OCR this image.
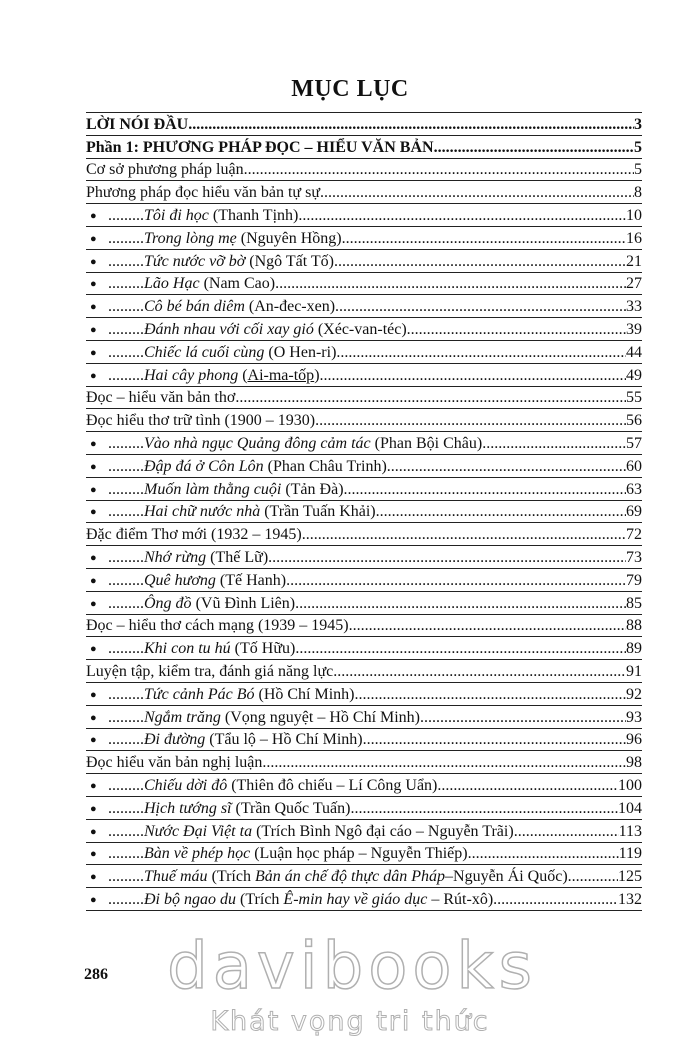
MỤC LỤC
LỜI NÓI ĐẦU .....	3
Phần 1: PHƯƠNG PHÁP ĐỌC – HIỂU VĂN BẢN .....	5
Cơ sở phương pháp luận .....	5
Phương pháp đọc hiểu văn bản tự sự .....	8
● .........Tôi đi học (Thanh Tịnh) .....	10
● .........Trong lòng mẹ (Nguyên Hồng) .....	16
● .........Tức nước vỡ bờ (Ngô Tất Tố) .....	21
● .........Lão Hạc (Nam Cao) .....	27
● .........Cô bé bán diêm (An-đec-xen) .....	33
● .........Đánh nhau với cối xay gió (Xéc-van-téc) .....	39
● .........Chiếc lá cuối cùng (O Hen-ri) .....	44
● .........Hai cây phong (Ai-ma-tốp) .....	49
Đọc – hiểu văn bản thơ .....	55
Đọc hiểu thơ trữ tình (1900 – 1930) .....	56
● .........Vào nhà ngục Quảng đông cảm tác (Phan Bội Châu) .....	57
● .........Đập đá ở Côn Lôn (Phan Châu Trinh) .....	60
● .........Muốn làm thằng cuội (Tản Đà) .....	63
● .........Hai chữ nước nhà (Trần Tuấn Khải) .....	69
Đặc điểm Thơ mới (1932 – 1945) .....	72
● .........Nhớ rừng (Thế Lữ) .....	73
● .........Quê hương (Tế Hanh) .....	79
● .........Ông đồ (Vũ Đình Liên) .....	85
Đọc – hiểu thơ cách mạng (1939 – 1945) .....	88
● .........Khi con tu hú (Tố Hữu) .....	89
Luyện tập, kiểm tra, đánh giá năng lực .....	91
● .........Tức cảnh Pác Bó (Hồ Chí Minh) .....	92
● .........Ngắm trăng (Vọng nguyệt – Hồ Chí Minh) .....	93
● .........Đi đường (Tẩu lộ – Hồ Chí Minh) .....	96
Đọc hiểu văn bản nghị luận .....	98
● .........Chiếu dời đô (Thiên đô chiếu – Lí Công Uẩn) .....	100
● .........Hịch tướng sĩ (Trần Quốc Tuấn) .....	104
● .........Nước Đại Việt ta (Trích Bình Ngô đại cáo – Nguyễn Trãi) .....	113
● .........Bàn về phép học (Luận học pháp – Nguyễn Thiếp) .....	119
● .........Thuế máu (Trích Bản án chế độ thực dân Pháp–Nguyễn Ái Quốc) .....	125
● .........Đi bộ ngao du (Trích Ê-min hay về giáo dục – Rút-xô) .....	132
286 davibooks
Khát vọng tri thức
